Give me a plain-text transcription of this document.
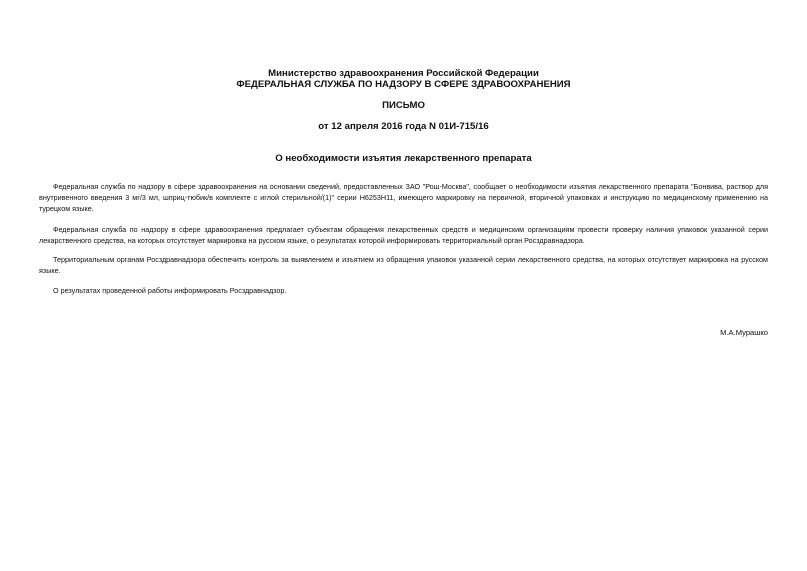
Министерство здравоохранения Российской Федерации
ФЕДЕРАЛЬНАЯ СЛУЖБА ПО НАДЗОРУ В СФЕРЕ ЗДРАВООХРАНЕНИЯ
ПИСЬМО
от 12 апреля 2016 года N 01И-715/16
О необходимости изъятия лекарственного препарата

Федеральная служба по надзору в сфере здравоохранения на основании сведений, предоставленных ЗАО "Рош-Москва", сообщает о необходимости изъятия лекарственного препарата "Бонвива, раствор для внутривенного введения 3 мг/3 мл, шприц-тюбик/в комплекте с иглой стерильной/(1)" серии H6253H11, имеющего маркировку на первичной, вторичной упаковках и инструкцию по медицинскому применению на турецком языке.

Федеральная служба по надзору в сфере здравоохранения предлагает субъектам обращения лекарственных средств и медицинским организациям провести проверку наличия упаковок указанной серии лекарственного средства, на которых отсутствует маркировка на русском языке, о результатах которой информировать территориальный орган Росздравнадзора.

Территориальным органам Росздравнадзора обеспечить контроль за выявлением и изъятием из обращения упаковок указанной серии лекарственного средства, на которых отсутствует маркировка на русском языке.

О результатах проведенной работы информировать Росздравнадзор.

М.А.Мурашко
